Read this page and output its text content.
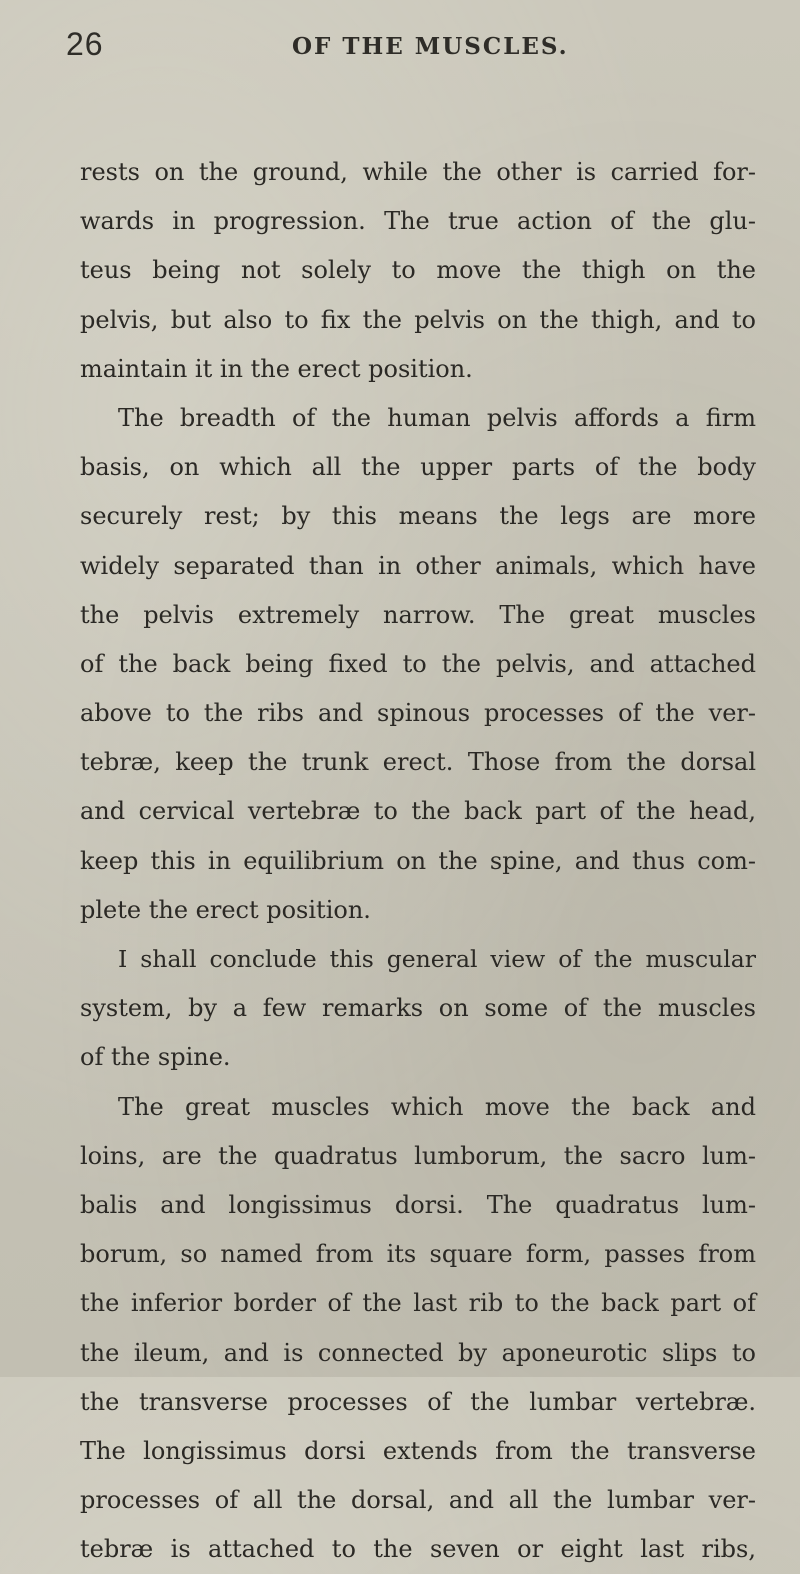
26	OF THE MUSCLES.

rests on the ground, while the other is carried for-
wards in progression. The true action of the glu-
teus being not solely to move the thigh on the
pelvis, but also to fix the pelvis on the thigh, and to
maintain it in the erect position.

The breadth of the human pelvis affords a firm
basis, on which all the upper parts of the body
securely rest; by this means the legs are more
widely separated than in other animals, which have
the pelvis extremely narrow. The great muscles
of the back being fixed to the pelvis, and attached
above to the ribs and spinous processes of the ver-
tebræ, keep the trunk erect. Those from the dorsal
and cervical vertebræ to the back part of the head,
keep this in equilibrium on the spine, and thus com-
plete the erect position.

I shall conclude this general view of the muscular
system, by a few remarks on some of the muscles
of the spine.

The great muscles which move the back and
loins, are the quadratus lumborum, the sacro lum-
balis and longissimus dorsi. The quadratus lum-
borum, so named from its square form, passes from
the inferior border of the last rib to the back part of
the ileum, and is connected by aponeurotic slips to
the transverse processes of the lumbar vertebræ.
The longissimus dorsi extends from the transverse
processes of all the dorsal, and all the lumbar ver-
tebræ is attached to the seven or eight last ribs,
